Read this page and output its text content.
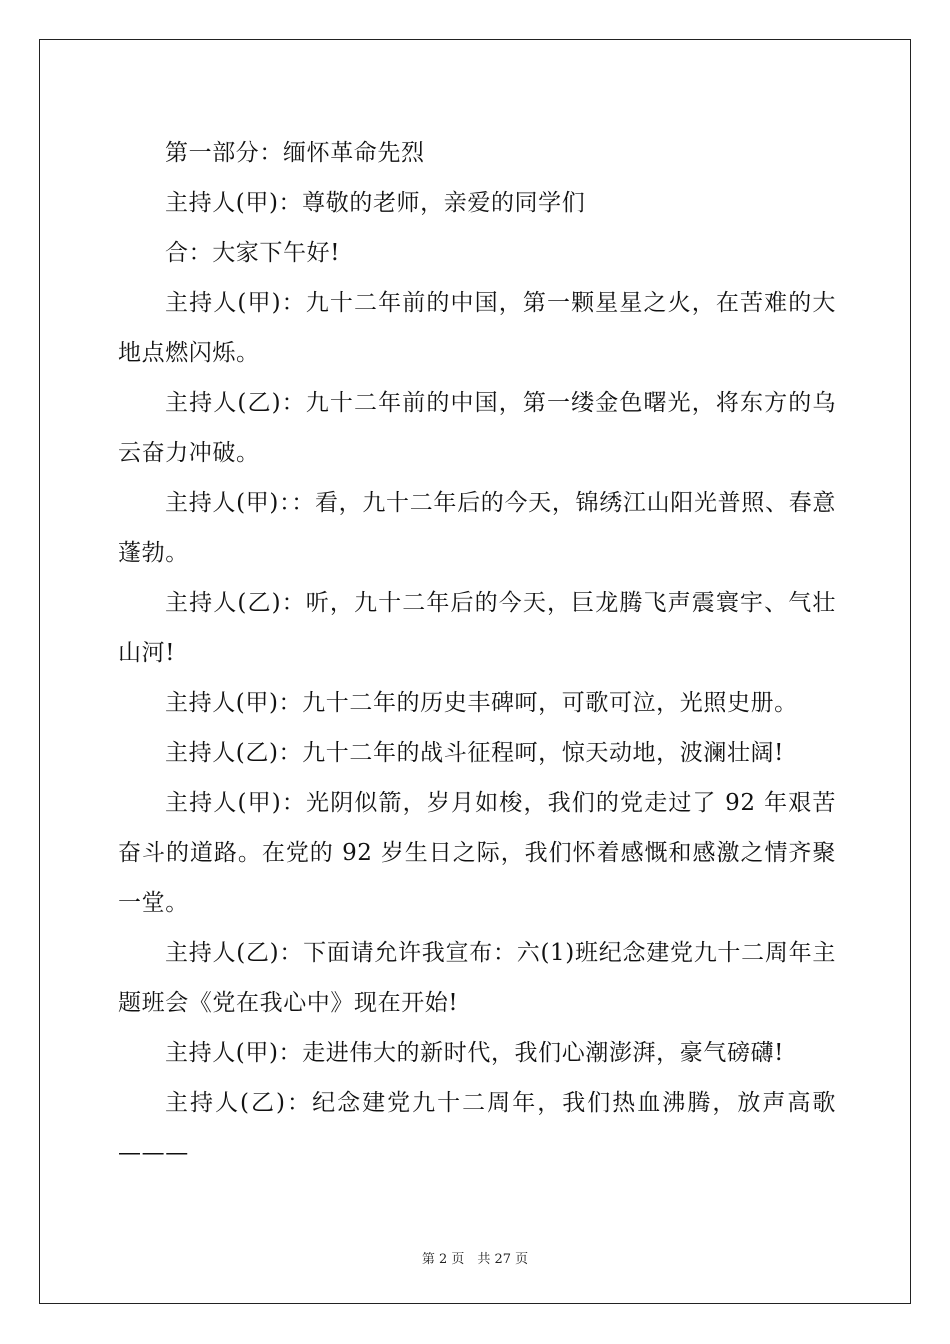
第一部分：缅怀革命先烈

主持人(甲)：尊敬的老师，亲爱的同学们

合：大家下午好!

主持人(甲)：九十二年前的中国，第一颗星星之火，在苦难的大地点燃闪烁。

主持人(乙)：九十二年前的中国，第一缕金色曙光，将东方的乌云奋力冲破。

主持人(甲)：：看，九十二年后的今天，锦绣江山阳光普照、春意蓬勃。

主持人(乙)：听，九十二年后的今天，巨龙腾飞声震寰宇、气壮山河!

主持人(甲)：九十二年的历史丰碑呵，可歌可泣，光照史册。

主持人(乙)：九十二年的战斗征程呵，惊天动地，波澜壮阔!

主持人(甲)：光阴似箭，岁月如梭，我们的党走过了 92 年艰苦奋斗的道路。在党的 92 岁生日之际，我们怀着感慨和感激之情齐聚一堂。

主持人(乙)：下面请允许我宣布：六(1)班纪念建党九十二周年主题班会《党在我心中》现在开始!

主持人(甲)：走进伟大的新时代，我们心潮澎湃，豪气磅礴!

主持人(乙)：纪念建党九十二周年，我们热血沸腾，放声高歌———

第 2 页　共 27 页
